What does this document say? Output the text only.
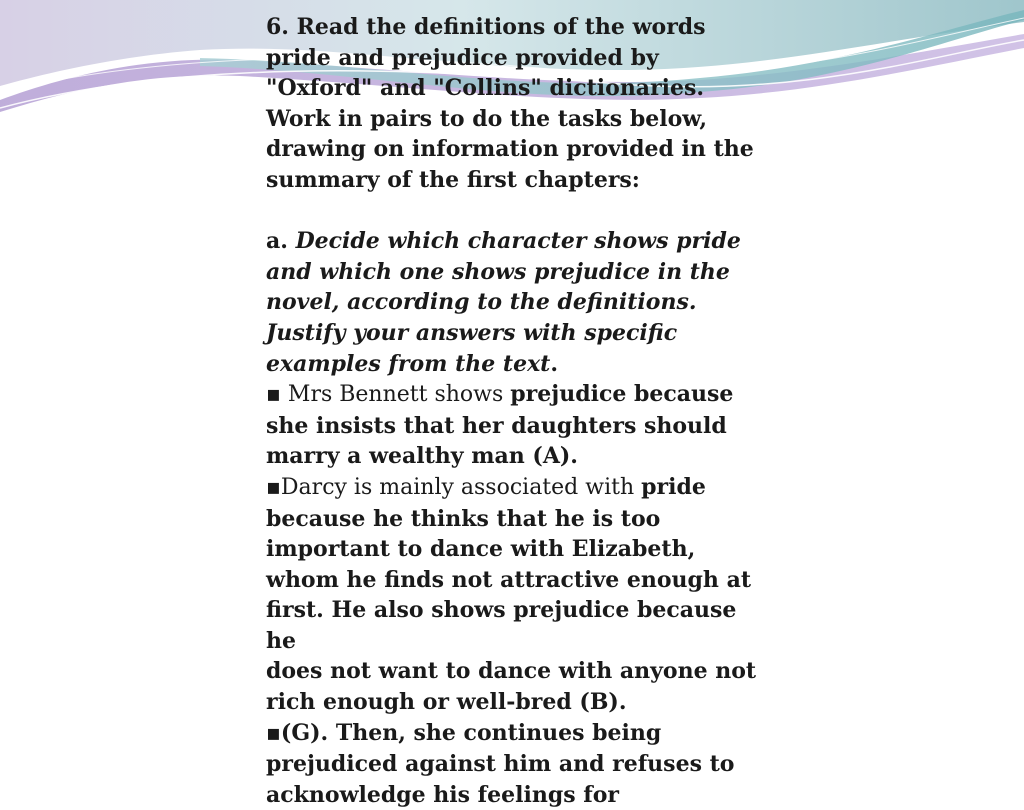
6. Read the definitions of the words

pride and prejudice provided by

"Oxford" and "Collins" dictionaries.

Work in pairs to do the tasks below,

drawing on information provided in the

summary of the first chapters:

a. Decide which character shows pride

and which one shows prejudice in the

novel, according to the definitions.

Justify your answers with specific

examples from the text.

▪ Mrs Bennett shows prejudice because

she insists that her daughters should

marry a wealthy man (A).

▪Darcy is mainly associated with pride

because he thinks that he is too

important to dance with Elizabeth,

whom he finds not attractive enough at

first. He also shows prejudice because he

does not want to dance with anyone not

rich enough or well-bred (B).

▪(G). Then, she continues being

prejudiced against him and refuses to

acknowledge his feelings for
